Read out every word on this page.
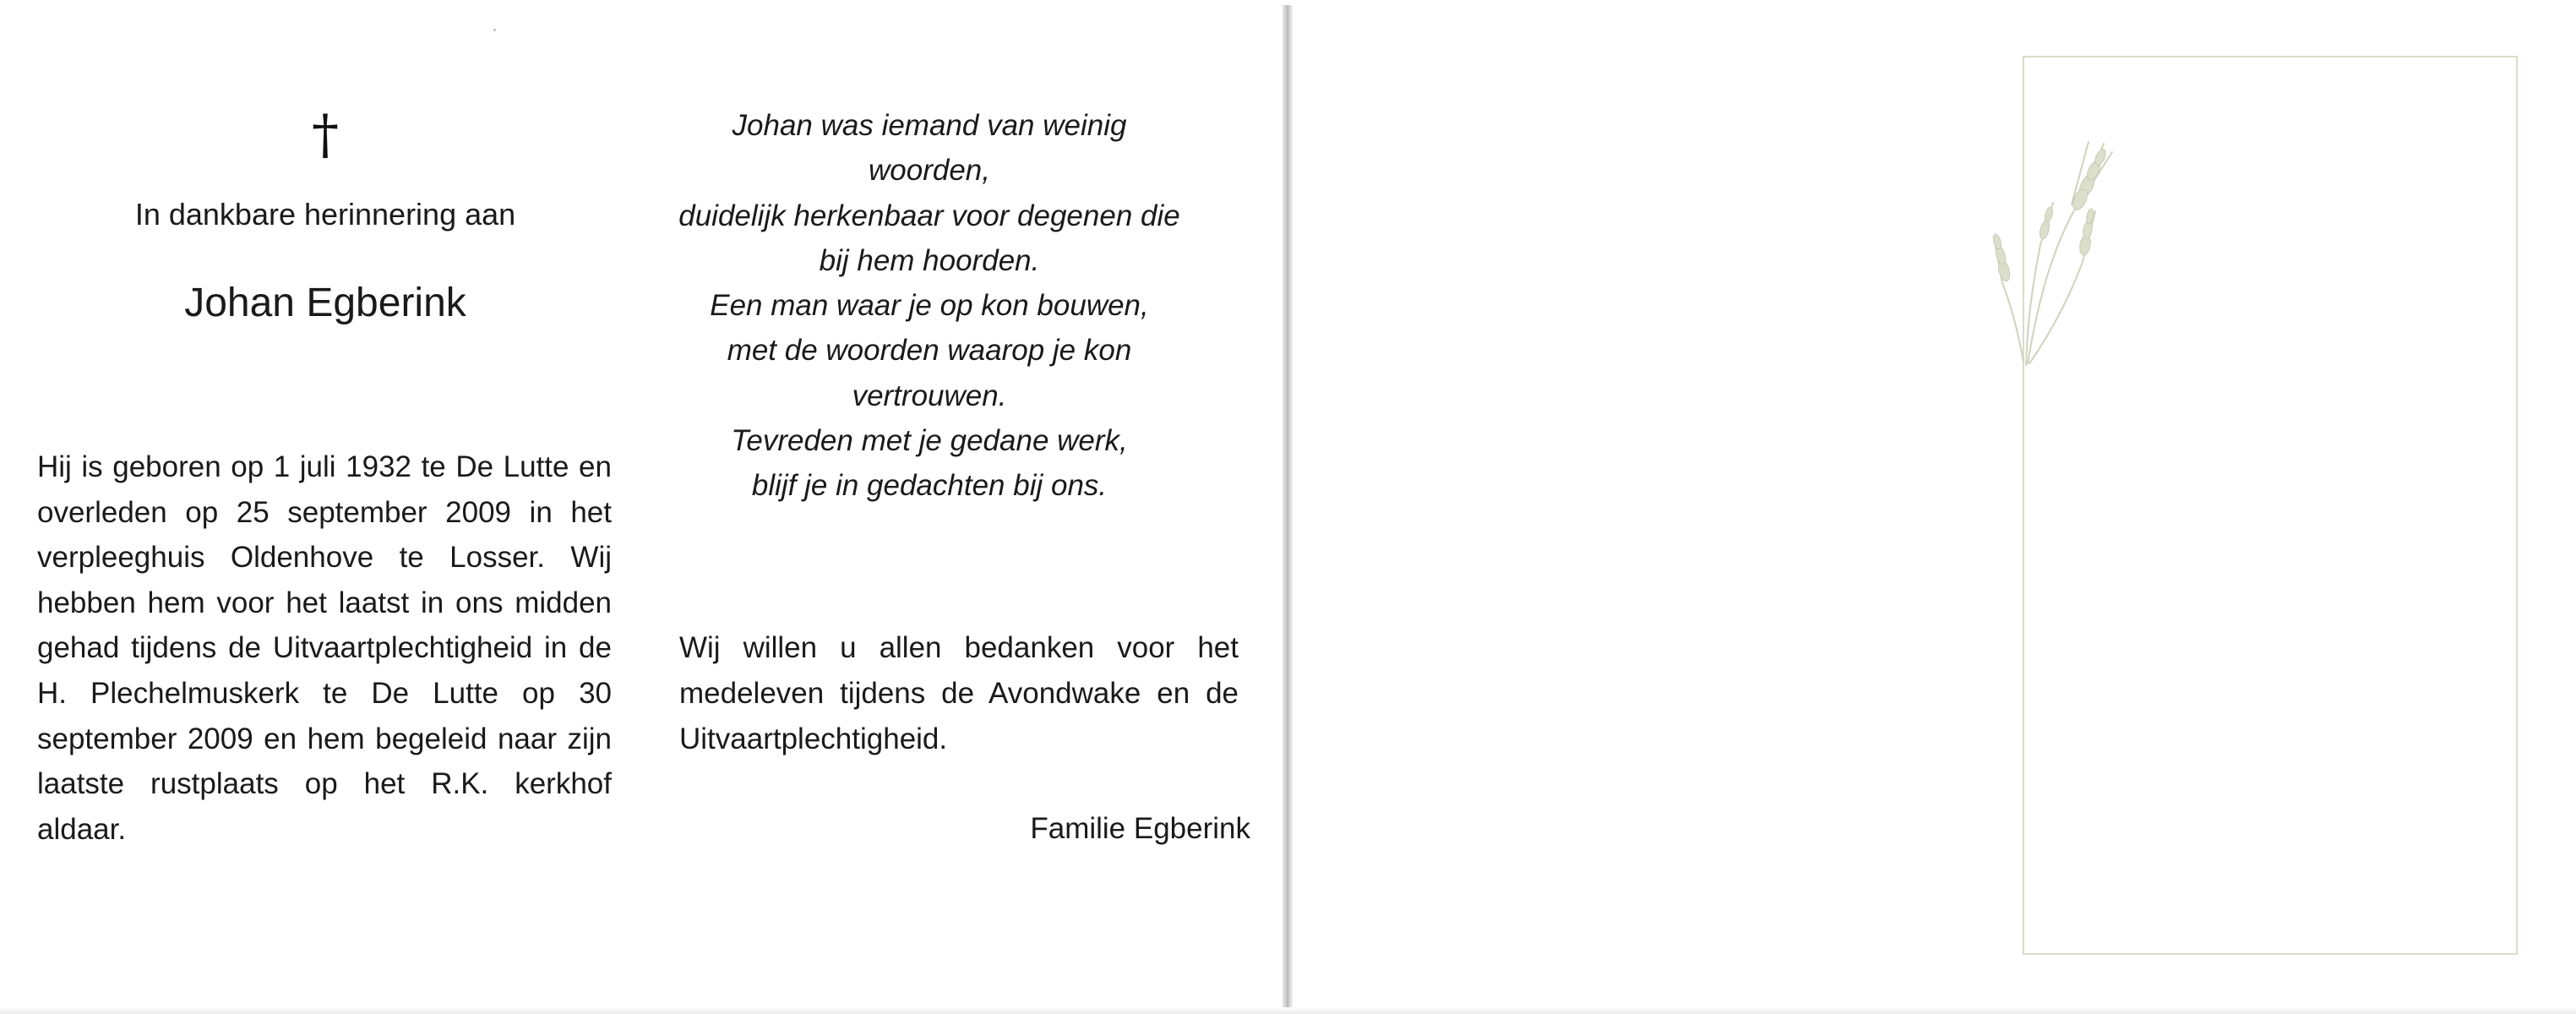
†
In dankbare herinnering aan
Johan Egberink

Hij is geboren op 1 juli 1932 te De Lutte en overleden op 25 september 2009 in het verpleeghuis Oldenhove te Losser. Wij hebben hem voor het laatst in ons midden gehad tijdens de Uitvaartplechtigheid in de H. Plechelmuskerk te De Lutte op 30 september 2009 en hem begeleid naar zijn laatste rustplaats op het R.K. kerkhof aldaar.

Johan was iemand van weinig
woorden,
duidelijk herkenbaar voor degenen die
bij hem hoorden.
Een man waar je op kon bouwen,
met de woorden waarop je kon
vertrouwen.
Tevreden met je gedane werk,
blijf je in gedachten bij ons.

Wij willen u allen bedanken voor het medeleven tijdens de Avondwake en de Uitvaartplechtigheid.

Familie Egberink
